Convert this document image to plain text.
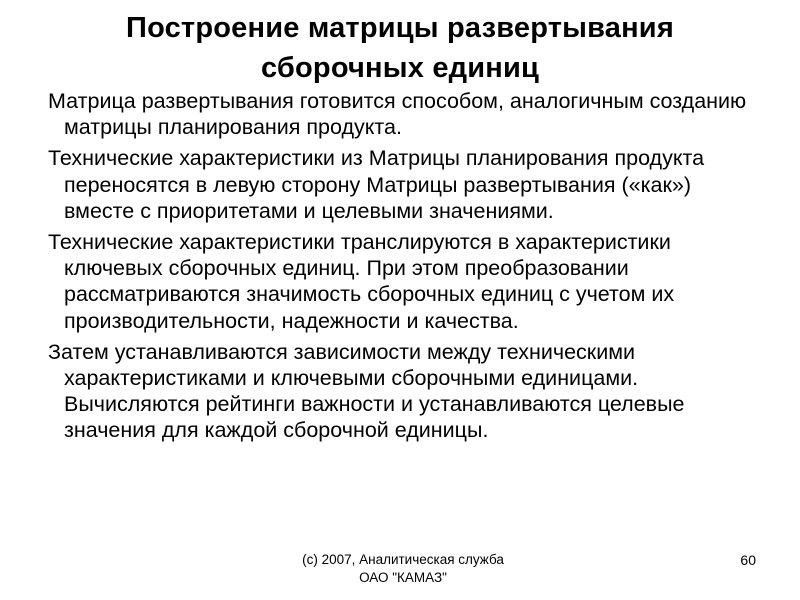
Построение матрицы развертывания
сборочных единиц

Матрица развертывания готовится способом, аналогичным созданию матрицы планирования продукта.

Технические характеристики из Матрицы планирования продукта переносятся в левую сторону Матрицы развертывания («как») вместе с приоритетами и целевыми значениями.

Технические характеристики транслируются в характеристики ключевых сборочных единиц. При этом преобразовании рассматриваются значимость сборочных единиц с учетом их производительности, надежности и качества.

Затем устанавливаются зависимости между техническими характеристиками и ключевыми сборочными единицами. Вычисляются рейтинги важности и устанавливаются целевые значения для каждой сборочной единицы.

(c) 2007, Аналитическая служба
ОАО "КАМАЗ"
60
